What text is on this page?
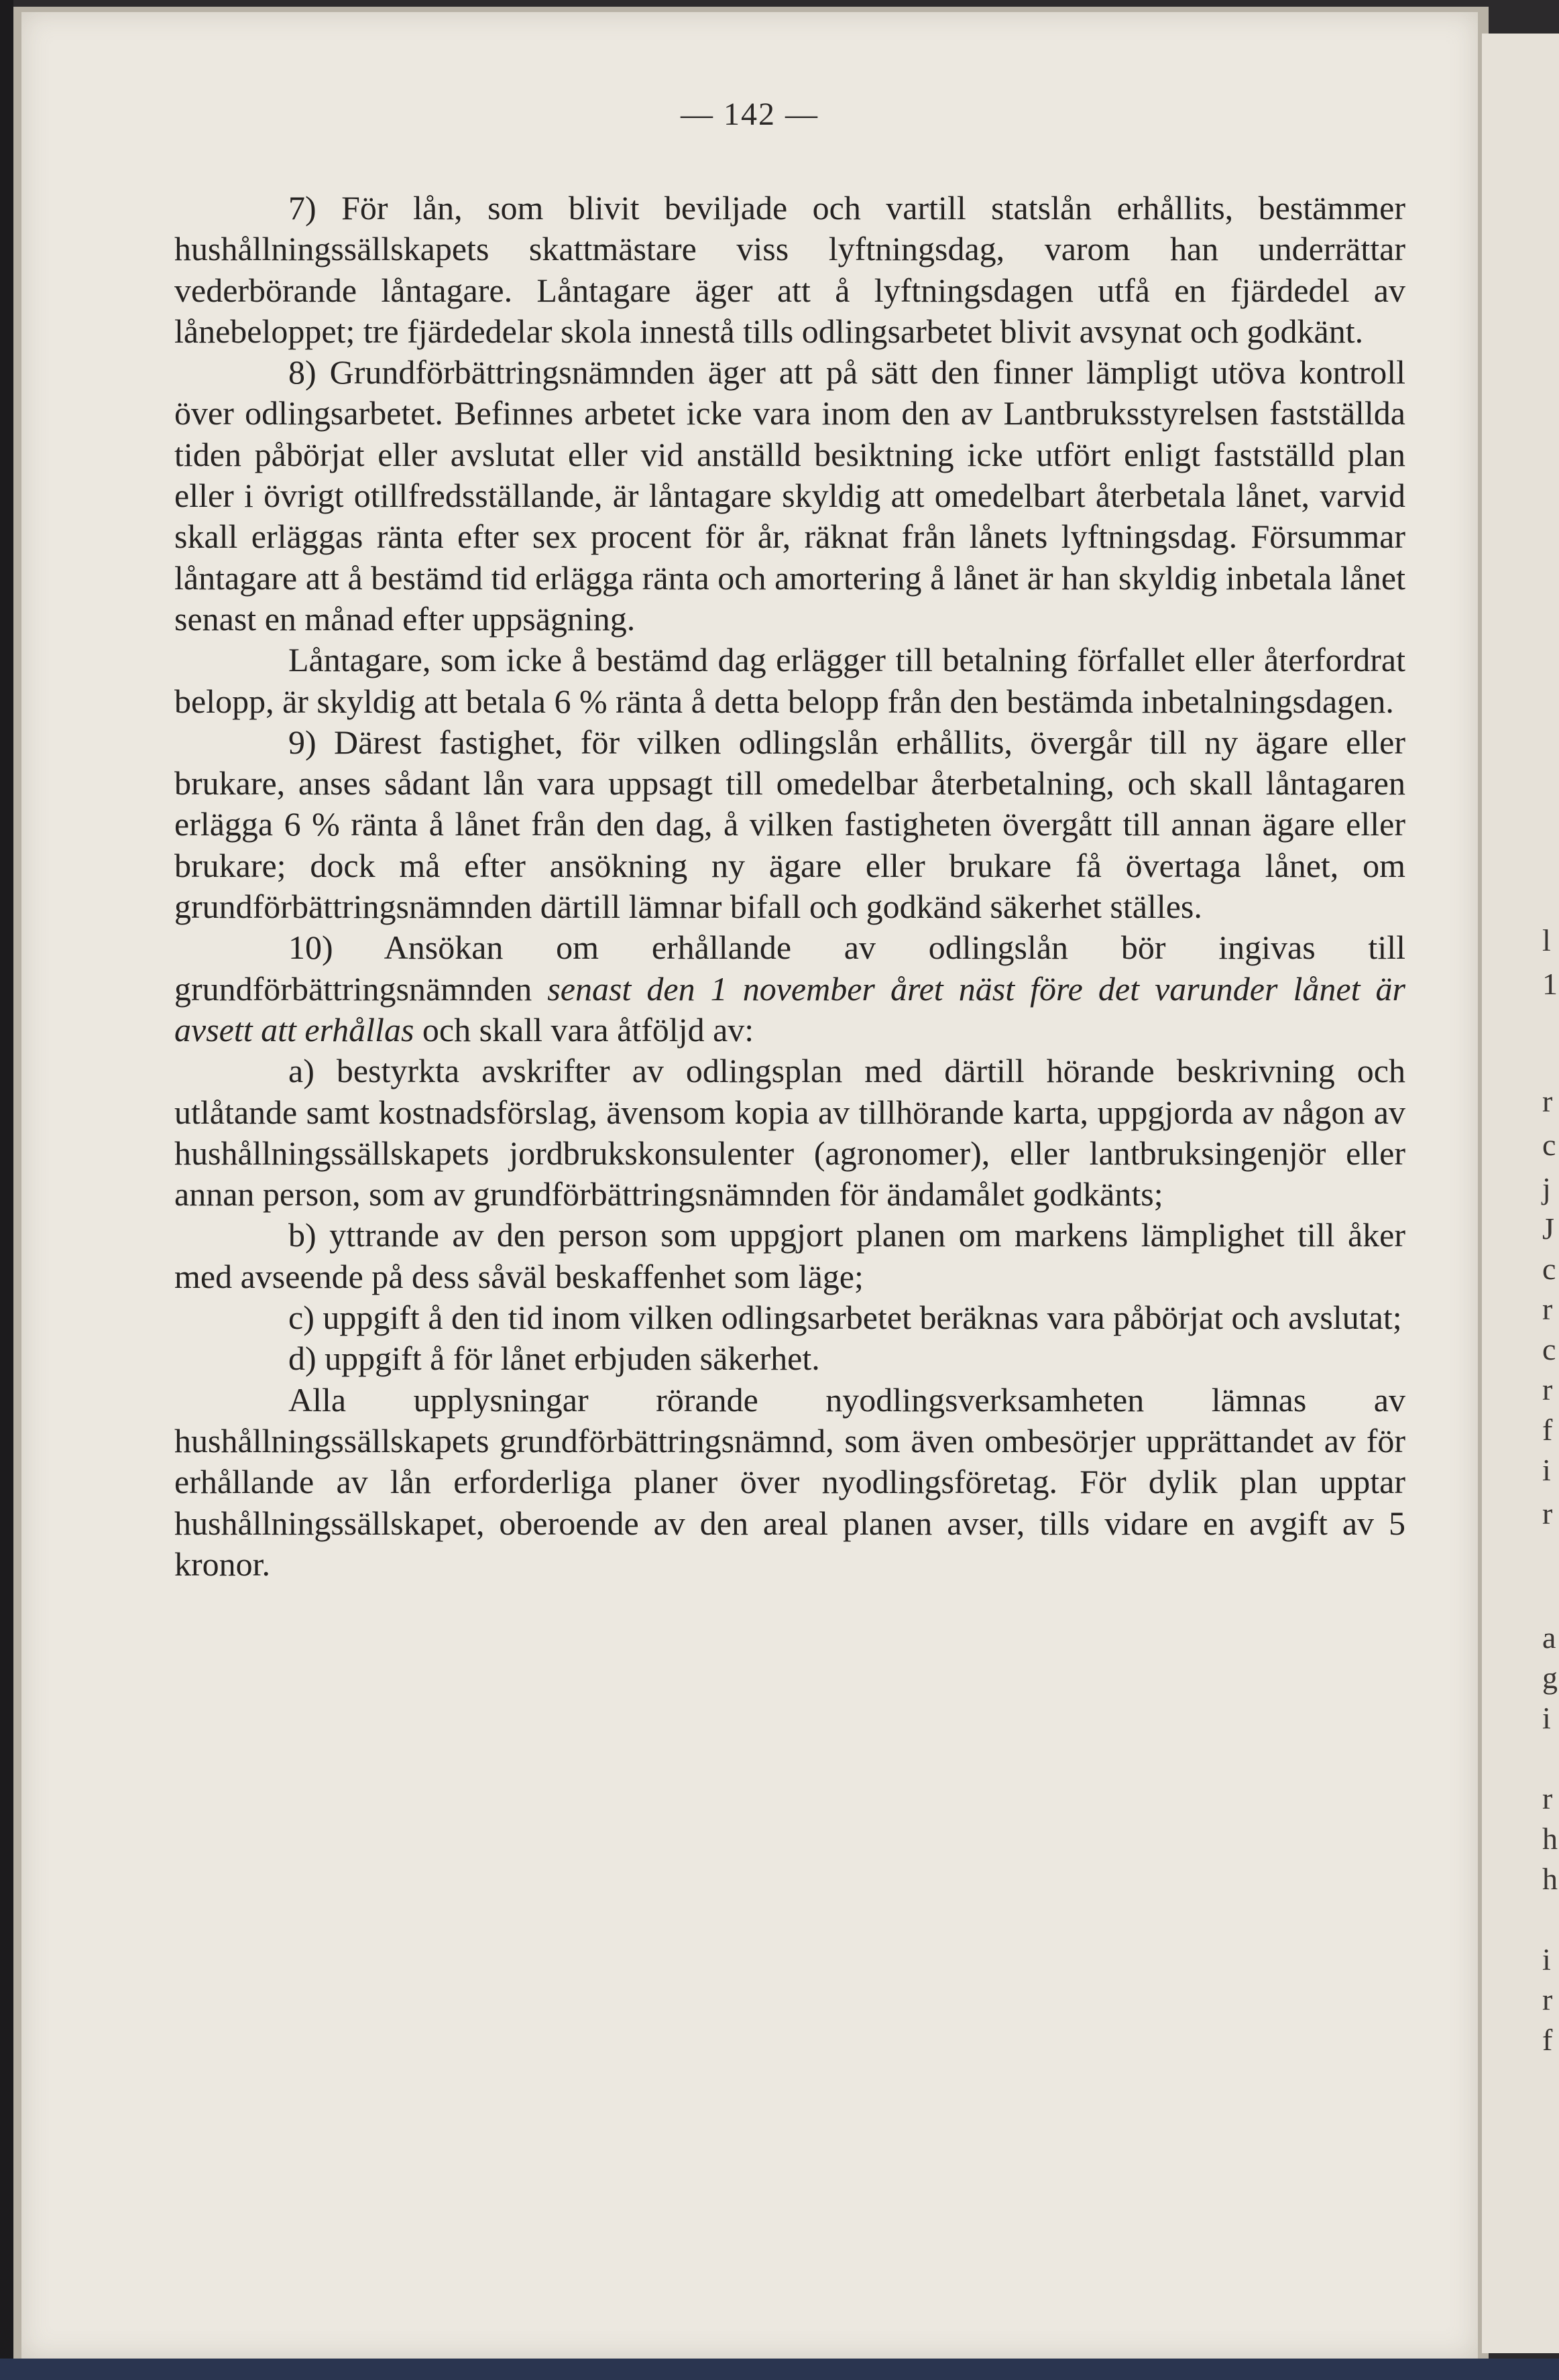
— 142 —

7) För lån, som blivit beviljade och vartill statslån erhållits, bestämmer hushållningssällskapets skattmästare viss lyftningsdag, varom han underrättar vederbörande låntagare. Låntagare äger att å lyftningsdagen utfå en fjärdedel av lånebeloppet; tre fjärdedelar skola innestå tills odlingsarbetet blivit avsynat och godkänt.

8) Grundförbättringsnämnden äger att på sätt den finner lämpligt utöva kontroll över odlingsarbetet. Befinnes arbetet icke vara inom den av Lantbruksstyrelsen fastställda tiden påbörjat eller avslutat eller vid anställd besiktning icke utfört enligt fastställd plan eller i övrigt otillfredsställande, är låntagare skyldig att omedelbart återbetala lånet, varvid skall erläggas ränta efter sex procent för år, räknat från lånets lyftningsdag. Försummar låntagare att å bestämd tid erlägga ränta och amortering å lånet är han skyldig inbetala lånet senast en månad efter uppsägning.

Låntagare, som icke å bestämd dag erlägger till betalning förfallet eller återfordrat belopp, är skyldig att betala 6 % ränta å detta belopp från den bestämda inbetalningsdagen.

9) Därest fastighet, för vilken odlingslån erhållits, övergår till ny ägare eller brukare, anses sådant lån vara uppsagt till omedelbar återbetalning, och skall låntagaren erlägga 6 % ränta å lånet från den dag, å vilken fastigheten övergått till annan ägare eller brukare; dock må efter ansökning ny ägare eller brukare få övertaga lånet, om grundförbättringsnämnden därtill lämnar bifall och godkänd säkerhet ställes.

10) Ansökan om erhållande av odlingslån bör ingivas till grundförbättringsnämnden senast den 1 november året näst före det varunder lånet är avsett att erhållas och skall vara åtföljd av:

a) bestyrkta avskrifter av odlingsplan med därtill hörande beskrivning och utlåtande samt kostnadsförslag, ävensom kopia av tillhörande karta, uppgjorda av någon av hushållningssällskapets jordbrukskonsulenter (agronomer), eller lantbruksingenjör eller annan person, som av grundförbättringsnämnden för ändamålet godkänts;

b) yttrande av den person som uppgjort planen om markens lämplighet till åker med avseende på dess såväl beskaffenhet som läge;

c) uppgift å den tid inom vilken odlingsarbetet beräknas vara påbörjat och avslutat;

d) uppgift å för lånet erbjuden säkerhet.

Alla upplysningar rörande nyodlingsverksamheten lämnas av hushållningssällskapets grundförbättringsnämnd, som även ombesörjer upprättandet av för erhållande av lån erforderliga planer över nyodlingsföretag. För dylik plan upptar hushållningssällskapet, oberoende av den areal planen avser, tills vidare en avgift av 5 kronor.

l
1
r
c
j
J
c
r
c
r
f
i
r
a
g
i
r
h
h
i
r
f
